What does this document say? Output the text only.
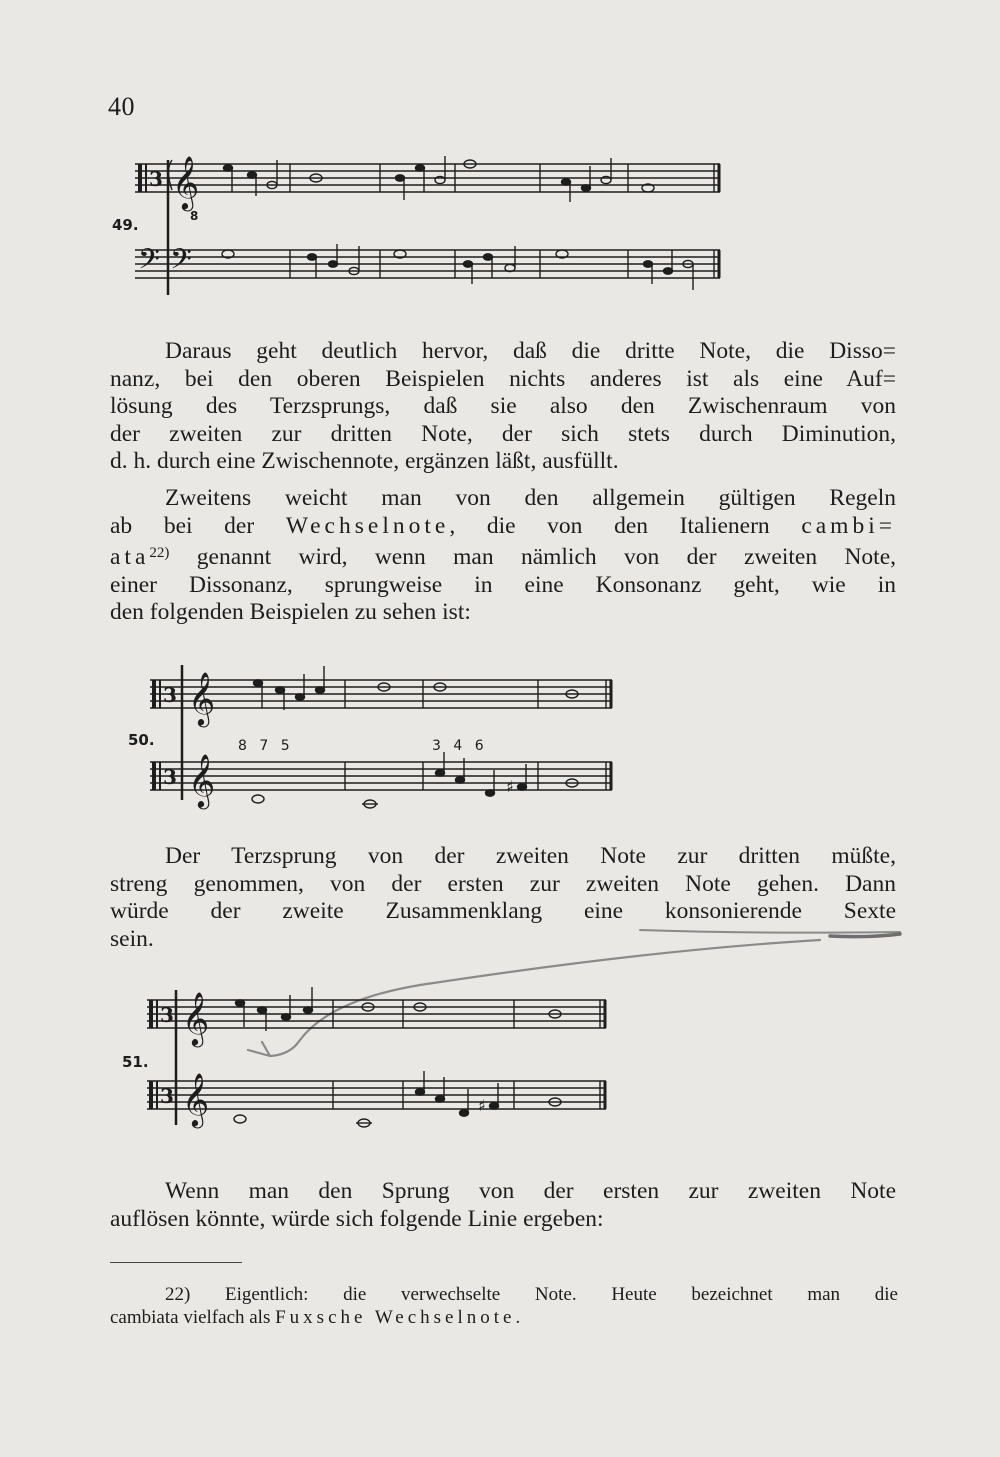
40
49.
3 𝄞
8
𝄢 𝄢
Daraus geht deutlich hervor, daß die dritte Note, die Disso=
nanz, bei den oberen Beispielen nichts anderes ist als eine Auf=
lösung des Terzsprungs, daß sie also den Zwischenraum von
der zweiten zur dritten Note, der sich stets durch Diminution,
d. h. durch eine Zwischennote, ergänzen läßt, ausfüllt.
Zweitens weicht man von den allgemein gültigen Regeln
ab bei der Wechselnote, die von den Italienern cambi=
ata$^{22)}$ genannt wird, wenn man nämlich von der zweiten Note,
einer Dissonanz, sprungweise in eine Konsonanz geht, wie in
den folgenden Beispielen zu sehen ist:
50.	8 7 5	3 4 6
3 𝄞
3 𝄞	♯
Der Terzsprung von der zweiten Note zur dritten müßte,
streng genommen, von der ersten zur zweiten Note gehen. Dann
würde der zweite Zusammenklang eine konsonierende Sexte
sein.
51.
3 𝄞
3 𝄞	♯
Wenn man den Sprung von der ersten zur zweiten Note
auflösen könnte, würde sich folgende Linie ergeben:
22) Eigentlich: die verwechselte Note. Heute bezeichnet man die
cambiata vielfach als Fuxsche Wechselnote.
